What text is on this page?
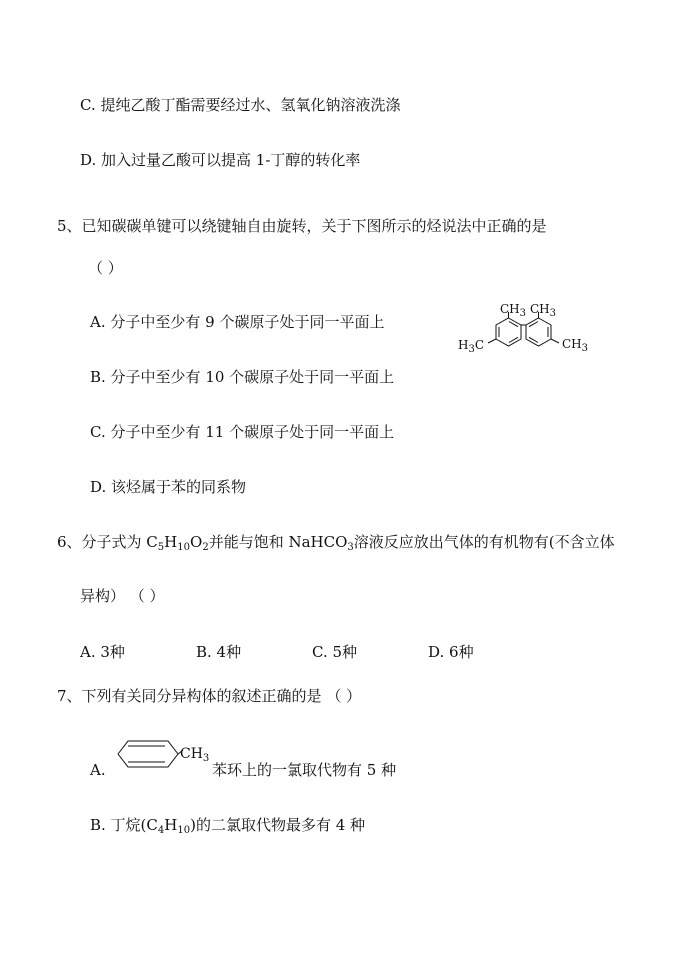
C. 提纯乙酸丁酯需要经过水、氢氧化钠溶液洗涤
D. 加入过量乙酸可以提高 1-丁醇的转化率
5、已知碳碳单键可以绕键轴自由旋转，关于下图所示的烃说法中正确的是
（ ）
A. 分子中至少有 9 个碳原子处于同一平面上
B. 分子中至少有 10 个碳原子处于同一平面上
C. 分子中至少有 11 个碳原子处于同一平面上
D. 该烃属于苯的同系物
$CH_3$ $CH_3$
$H_3C$	$CH_3$
6、分子式为 $C_5H_{10}O_2$并能与饱和 NaHCO$_3$溶液反应放出气体的有机物有(不含立体
异构） （ ）
A. 3种	B. 4种	C. 5种	D. 6种
7、下列有关同分异构体的叙述正确的是 （ ）
A.
$CH_3$
苯环上的一氯取代物有 5 种
B. 丁烷$(C_4H_{10})$的二氯取代物最多有 4 种
